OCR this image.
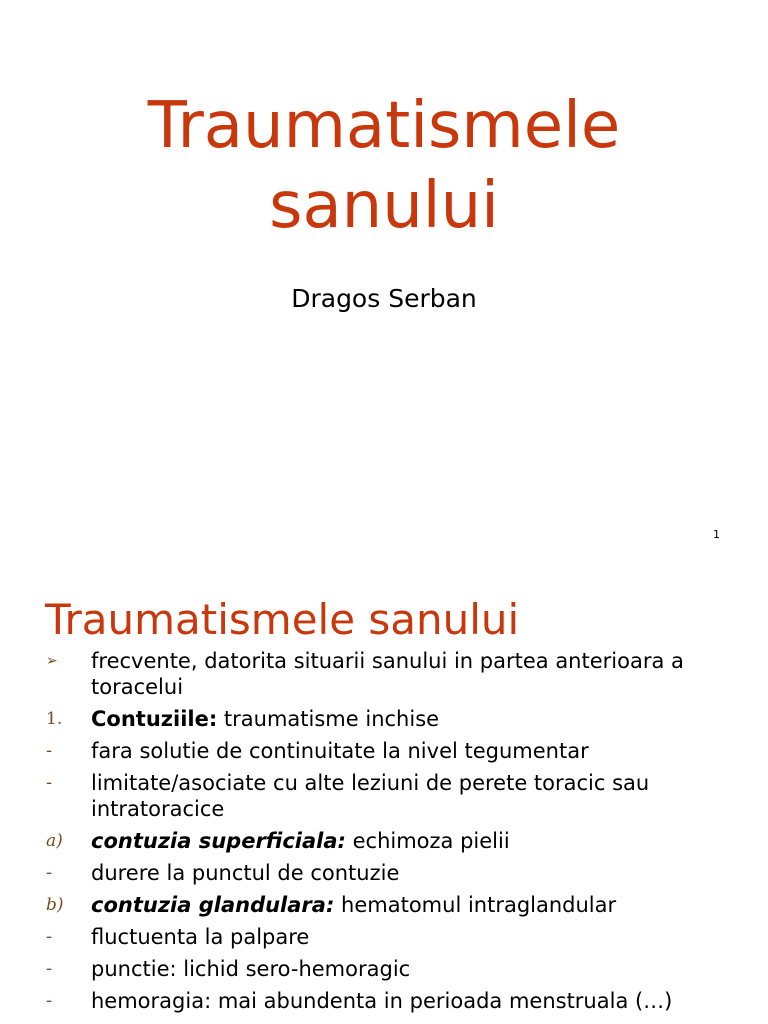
Traumatismele
sanului
Dragos Serban
1
Traumatismele sanului
➢ frecvente, datorita situarii sanului in partea anterioara a toracelui
1. Contuziile: traumatisme inchise
- fara solutie de continuitate la nivel tegumentar
- limitate/asociate cu alte leziuni de perete toracic sau intratoracice
a) contuzia superficiala: echimoza pielii
- durere la punctul de contuzie
b) contuzia glandulara: hematomul intraglandular
- fluctuenta la palpare
- punctie: lichid sero-hemoragic
- hemoragia: mai abundenta in perioada menstruala (…)
